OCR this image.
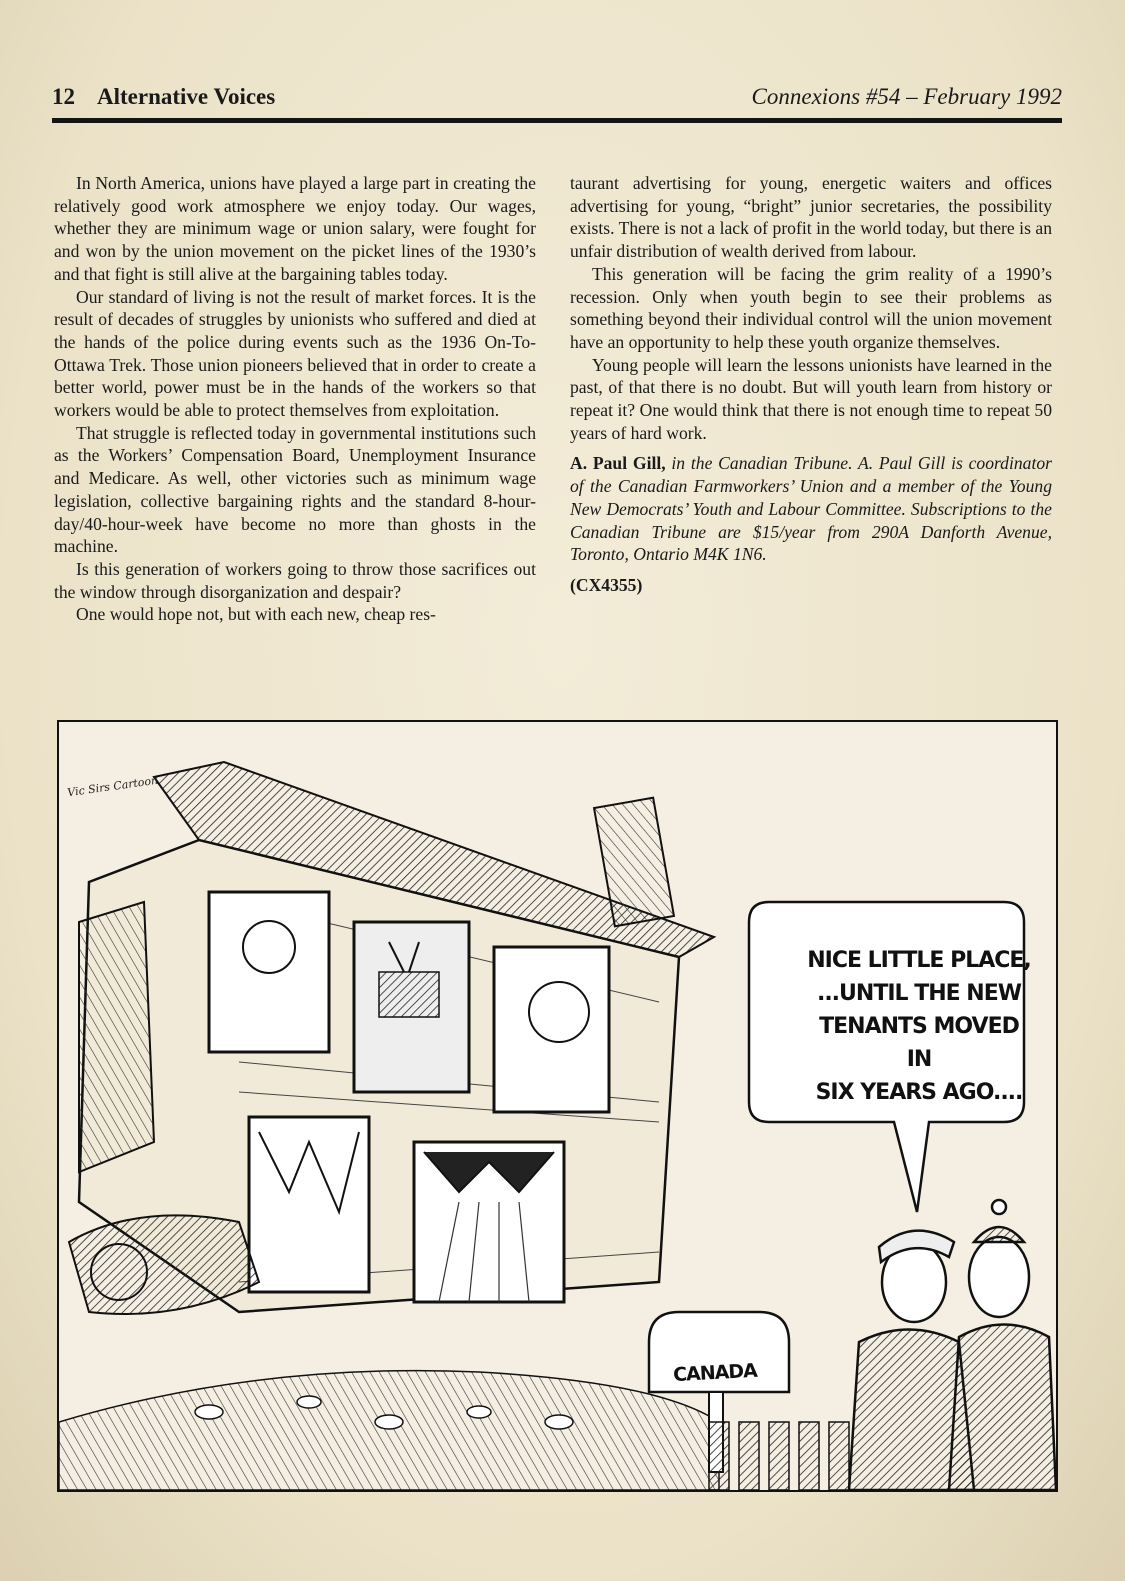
12 Alternative Voices	Connexions #54 – February 1992

In North America, unions have played a large part in creating the relatively good work atmosphere we enjoy today. Our wages, whether they are minimum wage or union salary, were fought for and won by the union movement on the picket lines of the 1930’s and that fight is still alive at the bargaining tables today.

Our standard of living is not the result of market forces. It is the result of decades of struggles by unionists who suffered and died at the hands of the police during events such as the 1936 On-To-Ottawa Trek. Those union pioneers believed that in order to create a better world, power must be in the hands of the workers so that workers would be able to protect themselves from exploitation.

That struggle is reflected today in governmental institutions such as the Workers’ Compensation Board, Unemployment Insurance and Medicare. As well, other victories such as minimum wage legislation, collective bargaining rights and the standard 8-hour-day/40-hour-week have become no more than ghosts in the machine.

Is this generation of workers going to throw those sacrifices out the window through disorganization and despair?

One would hope not, but with each new, cheap res-

taurant advertising for young, energetic waiters and offices advertising for young, “bright” junior secretaries, the possibility exists. There is not a lack of profit in the world today, but there is an unfair distribution of wealth derived from labour.

This generation will be facing the grim reality of a 1990’s recession. Only when youth begin to see their problems as something beyond their individual control will the union movement have an opportunity to help these youth organize themselves.

Young people will learn the lessons unionists have learned in the past, of that there is no doubt. But will youth learn from history or repeat it? One would think that there is not enough time to repeat 50 years of hard work.

A. Paul Gill, in the Canadian Tribune. A. Paul Gill is coordinator of the Canadian Farmworkers’ Union and a member of the Young New Democrats’ Youth and Labour Committee. Subscriptions to the Canadian Tribune are $15/year from 290A Danforth Avenue, Toronto, Ontario M4K 1N6.

(CX4355)

Vic Sirs Cartoon
NICE LITTLE PLACE,
...UNTIL THE NEW
TENANTS MOVED IN
SIX YEARS AGO....
CANADA
